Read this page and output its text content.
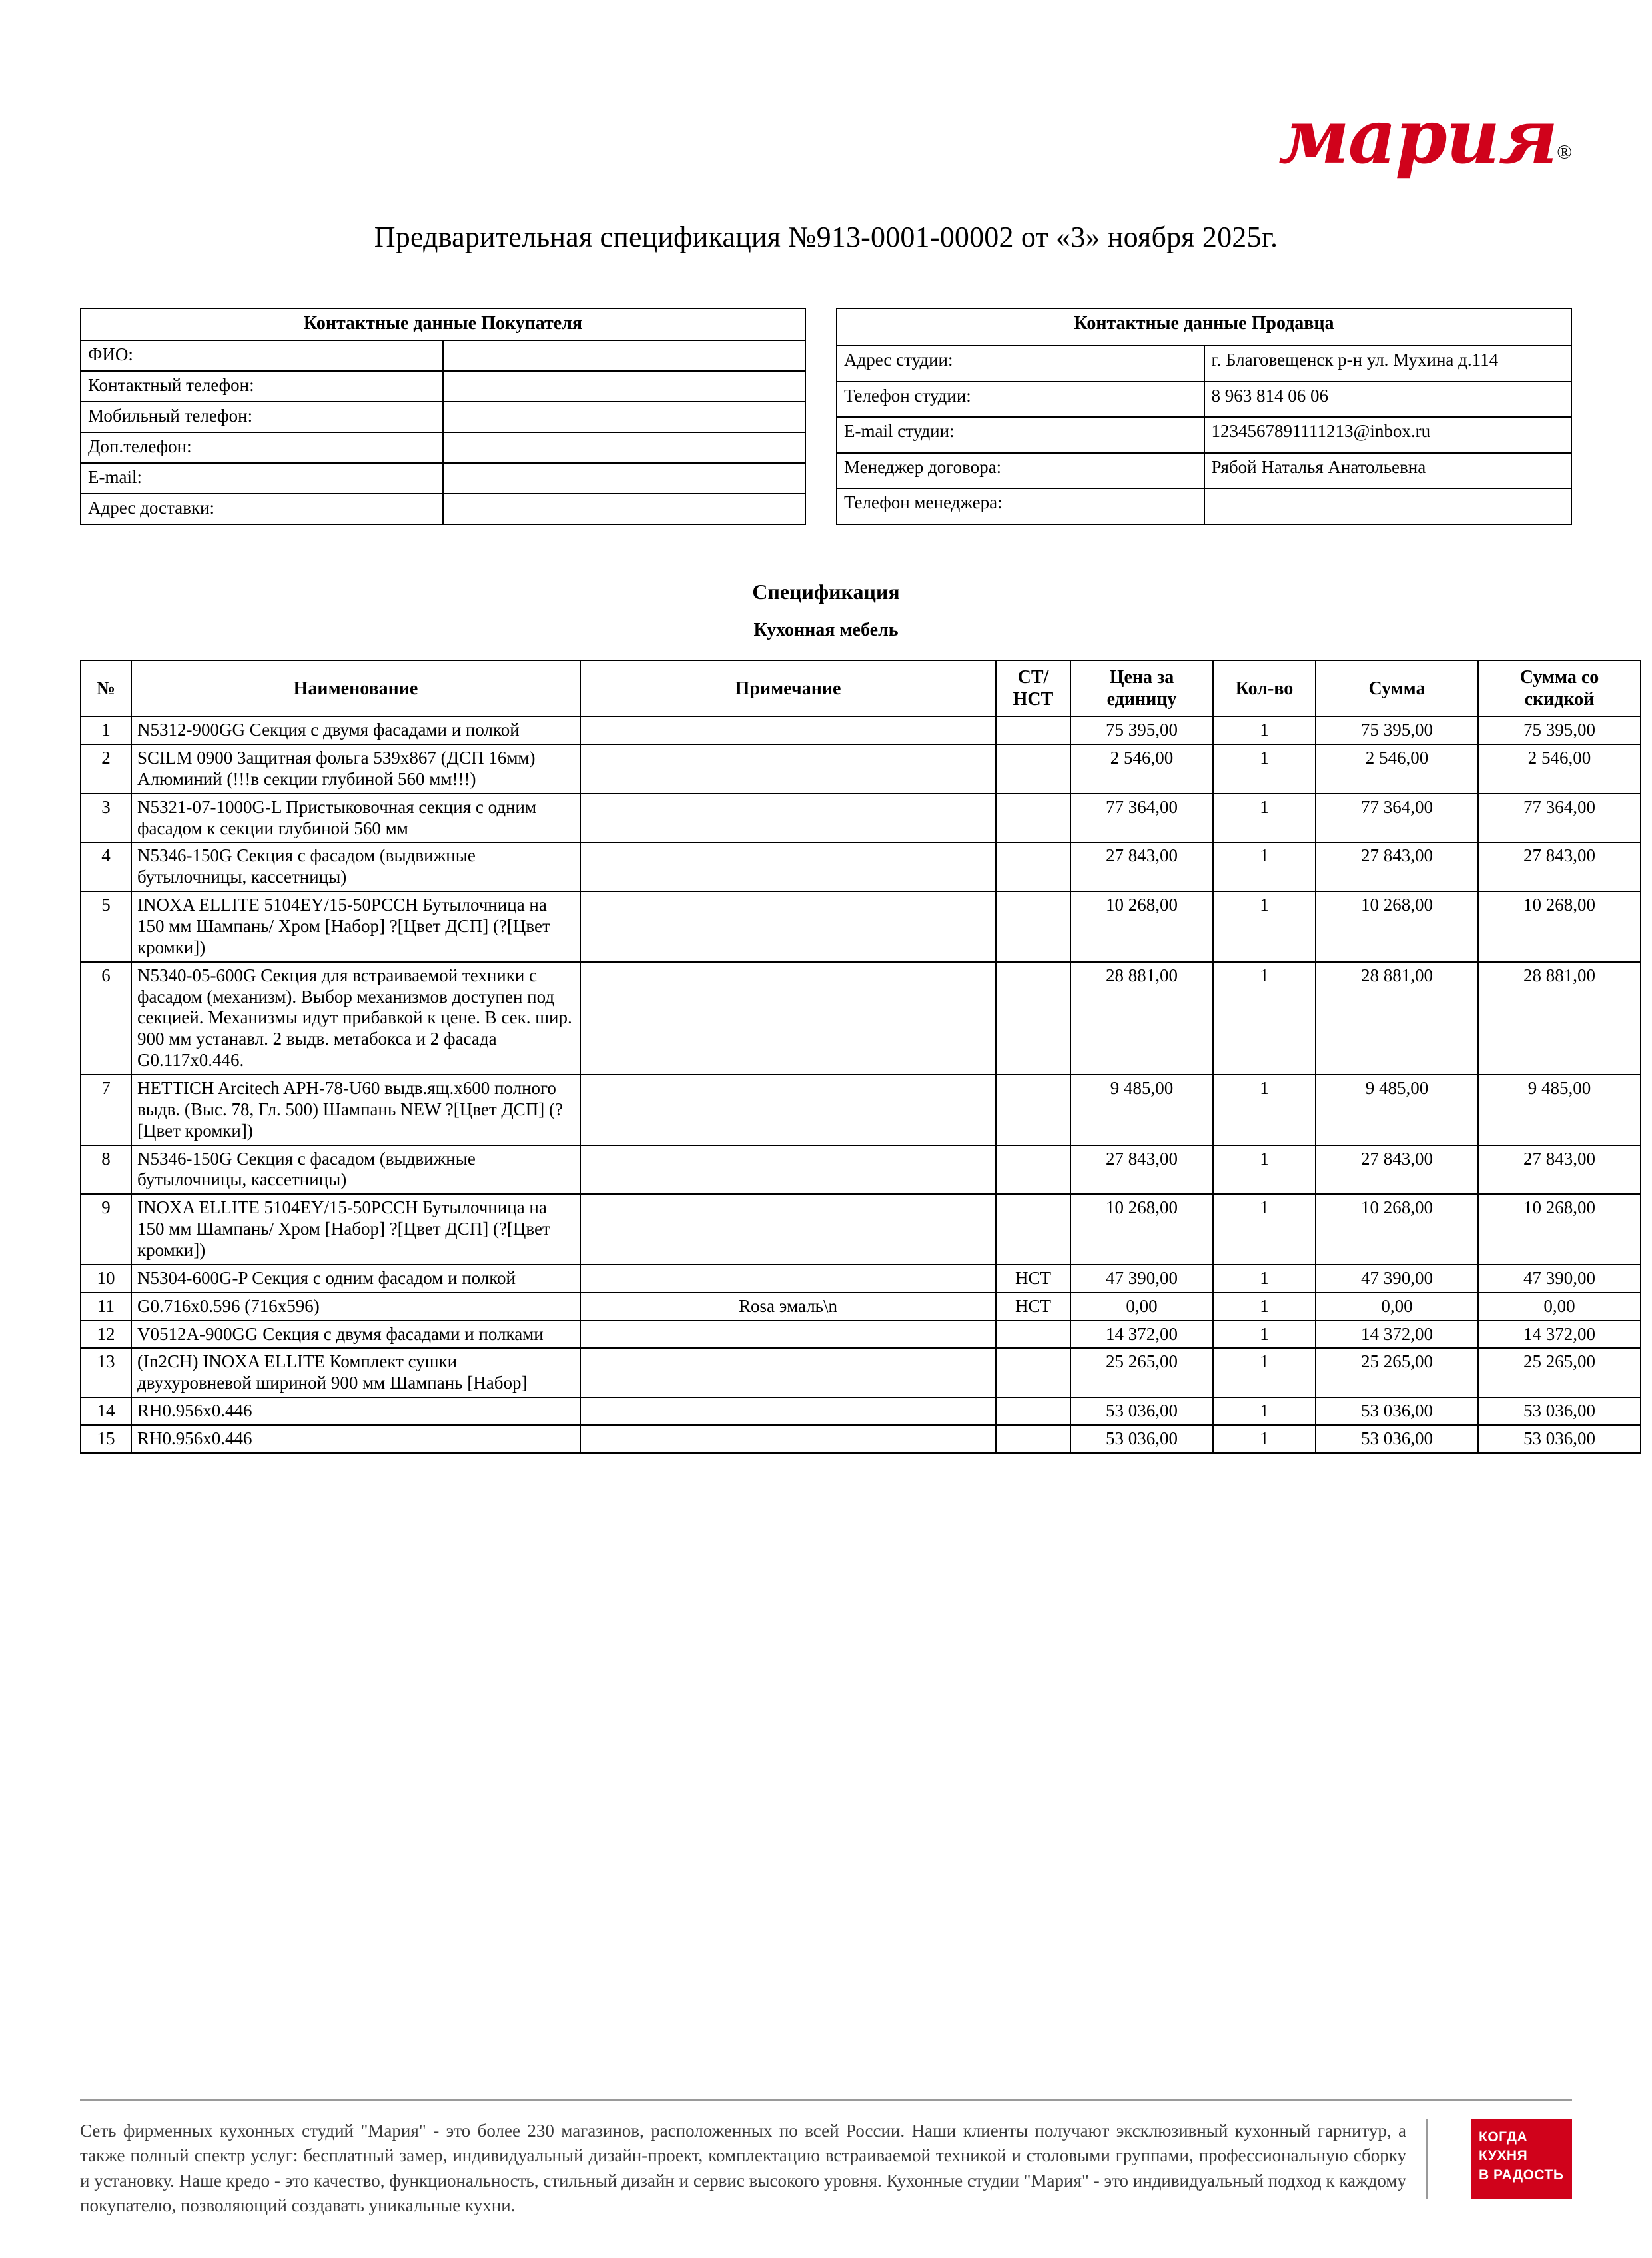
мария®
Предварительная спецификация №913-0001-00002 от «3» ноября 2025г.
Контактные данные Покупателя	
ФИО:	
Контактный телефон:	
Мобильный телефон:	
Доп.телефон:	
E-mail:	
Адрес доставки:	
Контактные данные Продавца	
Адрес студии:	г. Благовещенск р-н ул. Мухина д.114
Телефон студии:	8 963 814 06 06
E-mail студии:	1234567891111213@inbox.ru
Менеджер договора:	Рябой Наталья Анатольевна
Телефон менеджера:	
Спецификация
Кухонная мебель
№	Наименование	Примечание	СТ/ НСТ	Цена за единицу	Кол-во	Сумма	Сумма со скидкой
1	N5312-900GG Секция с двумя фасадами и полкой			75 395,00	1	75 395,00	75 395,00
2	SCILM 0900 Защитная фольга 539х867 (ДСП 16мм) Алюминий (!!!в секции глубиной 560 мм!!!)			2 546,00	1	2 546,00	2 546,00
3	N5321-07-1000G-L Пристыковочная секция с одним фасадом к секции глубиной 560 мм			77 364,00	1	77 364,00	77 364,00
4	N5346-150G Секция с фасадом (выдвижные бутылочницы, кассетницы)			27 843,00	1	27 843,00	27 843,00
5	INOXA ELLITE 5104EY/15-50PCCH Бутылочница на 150 мм Шампань/ Хром [Набор] ?[Цвет ДСП] (?[Цвет кромки])			10 268,00	1	10 268,00	10 268,00
6	N5340-05-600G Секция для встраиваемой техники с фасадом (механизм). Выбор механизмов доступен под секцией. Механизмы идут прибавкой к цене. В сек. шир. 900 мм устанавл. 2 выдв. метабокса и 2 фасада G0.117х0.446.			28 881,00	1	28 881,00	28 881,00
7	HETTICH Arcitech APH-78-U60 выдв.ящ.х600 полного выдв. (Выс. 78, Гл. 500) Шампань NEW ?[Цвет ДСП] (?[Цвет кромки])			9 485,00	1	9 485,00	9 485,00
8	N5346-150G Секция с фасадом (выдвижные бутылочницы, кассетницы)			27 843,00	1	27 843,00	27 843,00
9	INOXA ELLITE 5104EY/15-50PCCH Бутылочница на 150 мм Шампань/ Хром [Набор] ?[Цвет ДСП] (?[Цвет кромки])			10 268,00	1	10 268,00	10 268,00
10	N5304-600G-P Секция с одним фасадом и полкой		НСТ	47 390,00	1	47 390,00	47 390,00
11	G0.716x0.596 (716x596)	Rosa эмаль\n	НСТ	0,00	1	0,00	0,00
12	V0512A-900GG Секция с двумя фасадами и полками			14 372,00	1	14 372,00	14 372,00
13	(In2CH) INOXA ELLITE Комплект сушки двухуровневой шириной 900 мм Шампань [Набор]			25 265,00	1	25 265,00	25 265,00
14	RH0.956x0.446			53 036,00	1	53 036,00	53 036,00
15	RH0.956x0.446			53 036,00	1	53 036,00	53 036,00
Сеть фирменных кухонных студий "Мария" - это более 230 магазинов, расположенных по всей России. Наши клиенты получают эксклюзивный кухонный гарнитур, а также полный спектр услуг: бесплатный замер, индивидуальный дизайн-проект, комплектацию встраиваемой техникой и столовыми группами, профессиональную сборку и установку. Наше кредо - это качество, функциональность, стильный дизайн и сервис высокого уровня. Кухонные студии "Мария" - это индивидуальный подход к каждому покупателю, позволяющий создавать уникальные кухни.
КОГДА
КУХНЯ
В РАДОСТЬ
